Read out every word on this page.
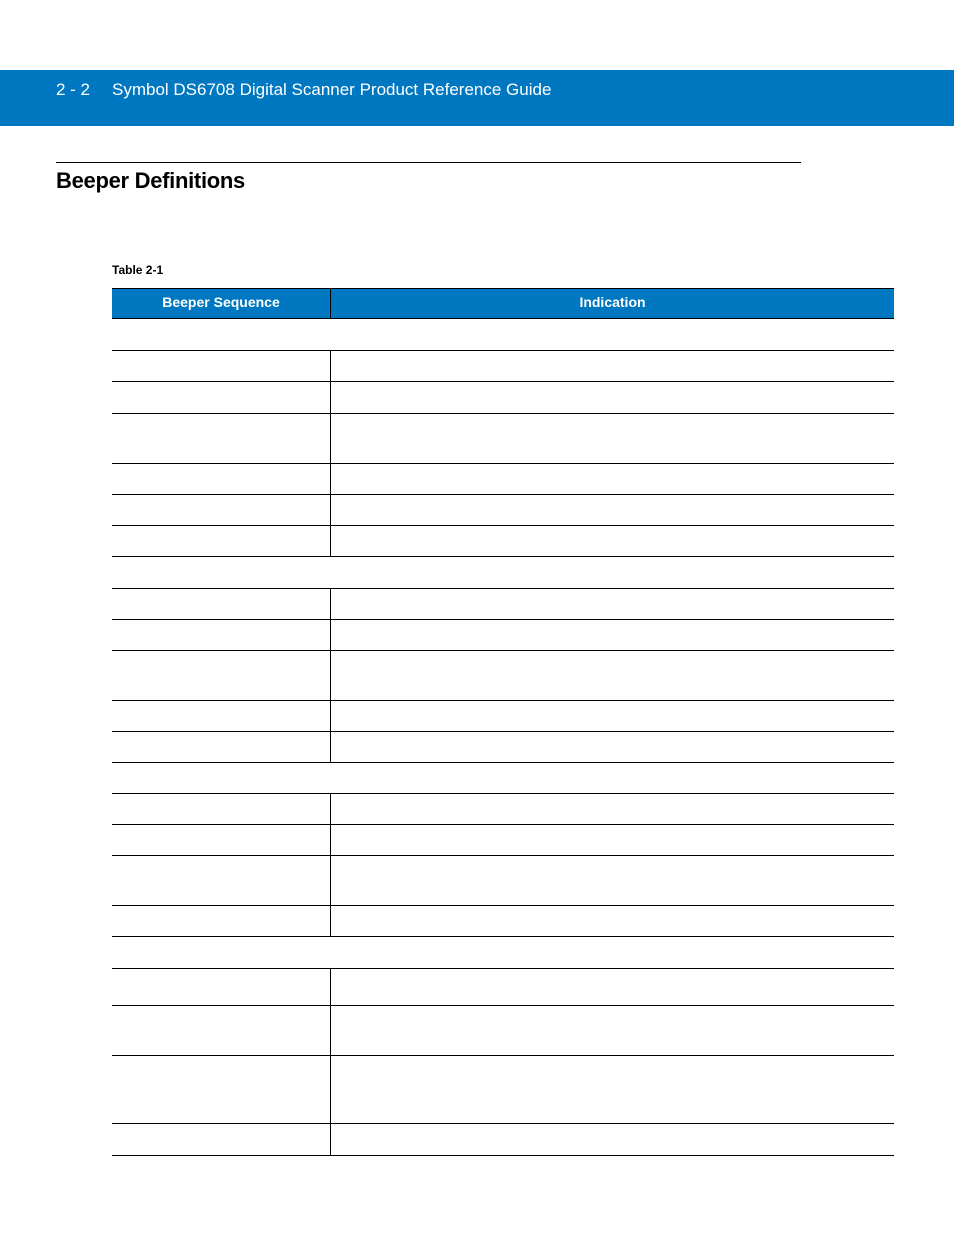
2 - 2 Symbol DS6708 Digital Scanner Product Reference Guide
Beeper Definitions
Table 2-1
Beeper Sequence	Indication
